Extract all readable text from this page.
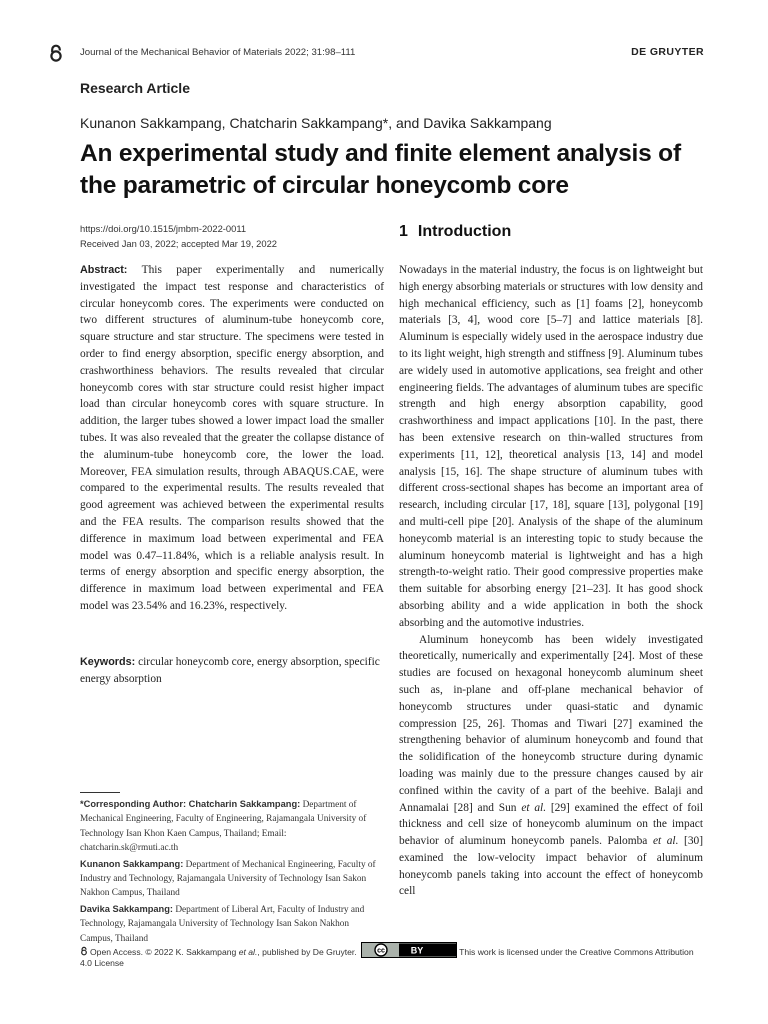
Journal of the Mechanical Behavior of Materials 2022; 31:98–111	DE GRUYTER
Research Article
Kunanon Sakkampang, Chatcharin Sakkampang*, and Davika Sakkampang
An experimental study and finite element analysis of the parametric of circular honeycomb core
https://doi.org/10.1515/jmbm-2022-0011
Received Jan 03, 2022; accepted Mar 19, 2022

Abstract: This paper experimentally and numerically investigated the impact test response and characteristics of circular honeycomb cores. The experiments were conducted on two different structures of aluminum-tube honeycomb core, square structure and star structure. The specimens were tested in order to find energy absorption, specific energy absorption, and crashworthiness behaviors. The results revealed that circular honeycomb cores with star structure could resist higher impact load than circular honeycomb cores with square structure. In addition, the larger tubes showed a lower impact load the smaller tubes. It was also revealed that the greater the collapse distance of the aluminum-tube honeycomb core, the lower the load. Moreover, FEA simulation results, through ABAQUS.CAE, were compared to the experimental results. The results revealed that good agreement was achieved between the experimental results and the FEA results. The comparison results showed that the difference in maximum load between experimental and FEA model was 0.47–11.84%, which is a reliable analysis result. In terms of energy absorption and specific energy absorption, the difference in maximum load between experimental and FEA model was 23.54% and 16.23%, respectively.

Keywords: circular honeycomb core, energy absorption, specific energy absorption

*Corresponding Author: Chatcharin Sakkampang: Department of Mechanical Engineering, Faculty of Engineering, Rajamangala University of Technology Isan Khon Kaen Campus, Thailand; Email: chatcharin.sk@rmuti.ac.th

Kunanon Sakkampang: Department of Mechanical Engineering, Faculty of Industry and Technology, Rajamangala University of Technology Isan Sakon Nakhon Campus, Thailand

Davika Sakkampang: Department of Liberal Art, Faculty of Industry and Technology, Rajamangala University of Technology Isan Sakon Nakhon Campus, Thailand

1 Introduction

Nowadays in the material industry, the focus is on lightweight but high energy absorbing materials or structures with low density and high mechanical efficiency, such as [1] foams [2], honeycomb materials [3, 4], wood core [5–7] and lattice materials [8]. Aluminum is especially widely used in the aerospace industry due to its light weight, high strength and stiffness [9]. Aluminum tubes are widely used in automotive applications, sea freight and other engineering fields. The advantages of aluminum tubes are specific strength and high energy absorption capability, good crashworthiness and impact applications [10]. In the past, there has been extensive research on thin-walled structures from experiments [11, 12], theoretical analysis [13, 14] and model analysis [15, 16]. The shape structure of aluminum tubes with different cross-sectional shapes has become an important area of research, including circular [17, 18], square [13], polygonal [19] and multi-cell pipe [20]. Analysis of the shape of the aluminum honeycomb material is an interesting topic to study because the aluminum honeycomb material is lightweight and has a high strength-to-weight ratio. Their good compressive properties make them suitable for absorbing energy [21–23]. It has good shock absorbing ability and a wide application in both the shock absorbing and the automotive industries.

Aluminum honeycomb has been widely investigated theoretically, numerically and experimentally [24]. Most of these studies are focused on hexagonal honeycomb aluminum sheet such as, in-plane and off-plane mechanical behavior of honeycomb structures under quasi-static and dynamic compression [25, 26]. Thomas and Tiwari [27] examined the strengthening behavior of aluminum honeycomb and found that the solidification of the honeycomb structure during dynamic loading was mainly due to the pressure changes caused by air confined within the cavity of a part of the beehive. Balaji and Annamalai [28] and Sun et al. [29] examined the effect of foil thickness and cell size of honeycomb aluminum on the impact behavior of aluminum honeycomb panels. Palomba et al. [30] examined the low-velocity impact behavior of aluminum honeycomb panels taking into account the effect of honeycomb cell

Open Access. © 2022 K. Sakkampang et al., published by De Gruyter.	cc	BY	This work is licensed under the Creative Commons Attribution 4.0 License
